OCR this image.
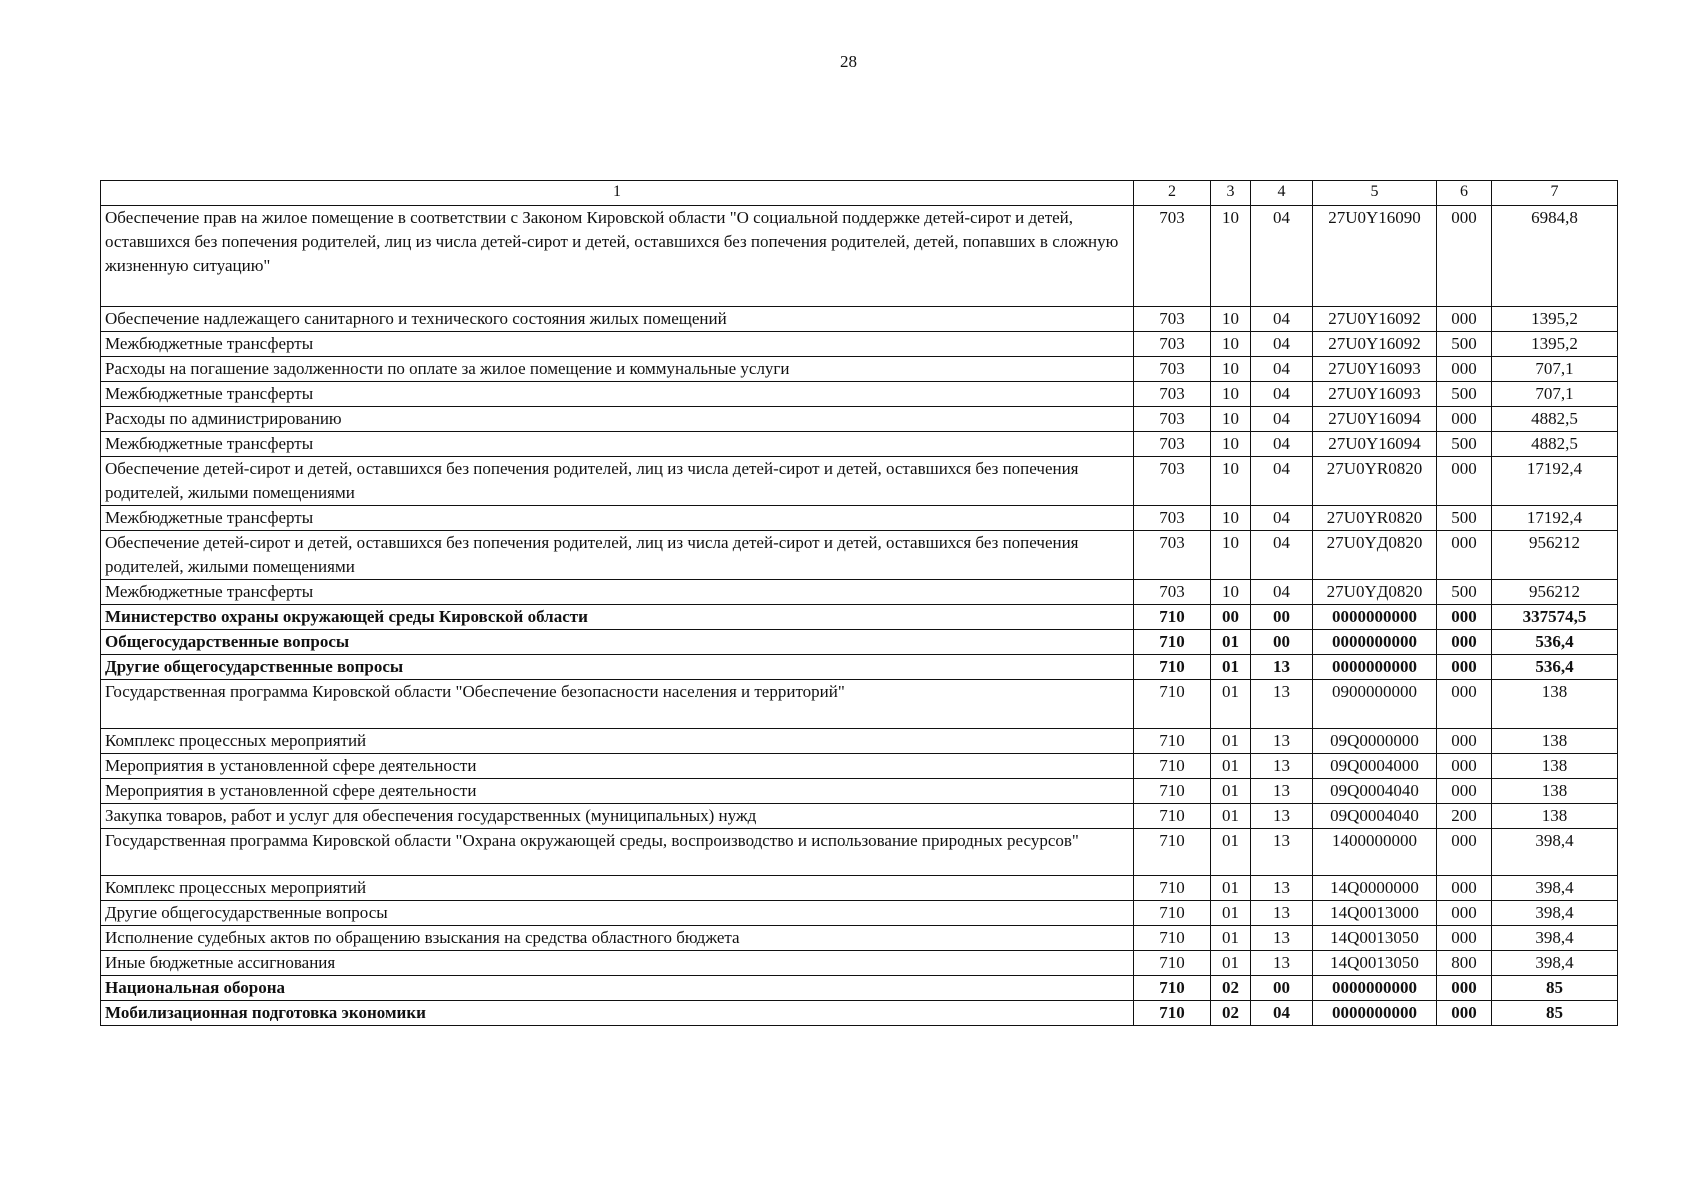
28
1	2	3	4	5	6	7
Обеспечение прав на жилое помещение в соответствии с Законом Кировской области "О социальной поддержке детей-сирот и детей, оставшихся без попечения родителей, лиц из числа детей-сирот и детей, оставшихся без попечения родителей, детей, попавших в сложную жизненную ситуацию"	703	10	04	27U0Y16090	000	6984,8
Обеспечение надлежащего санитарного и технического состояния жилых помещений	703	10	04	27U0Y16092	000	1395,2
Межбюджетные трансферты	703	10	04	27U0Y16092	500	1395,2
Расходы на погашение задолженности по оплате за жилое помещение и коммунальные услуги	703	10	04	27U0Y16093	000	707,1
Межбюджетные трансферты	703	10	04	27U0Y16093	500	707,1
Расходы по администрированию	703	10	04	27U0Y16094	000	4882,5
Межбюджетные трансферты	703	10	04	27U0Y16094	500	4882,5
Обеспечение детей-сирот и детей, оставшихся без попечения родителей, лиц из числа детей-сирот и детей, оставшихся без попечения родителей, жилыми помещениями	703	10	04	27U0YR0820	000	17192,4
Межбюджетные трансферты	703	10	04	27U0YR0820	500	17192,4
Обеспечение детей-сирот и детей, оставшихся без попечения родителей, лиц из числа детей-сирот и детей, оставшихся без попечения родителей, жилыми помещениями	703	10	04	27U0YД0820	000	956212
Межбюджетные трансферты	703	10	04	27U0YД0820	500	956212
Министерство охраны окружающей среды Кировской области	710	00	00	0000000000	000	337574,5
Общегосударственные вопросы	710	01	00	0000000000	000	536,4
Другие общегосударственные вопросы	710	01	13	0000000000	000	536,4
Государственная программа Кировской области "Обеспечение безопасности населения и территорий"	710	01	13	0900000000	000	138
Комплекс процессных мероприятий	710	01	13	09Q0000000	000	138
Мероприятия в установленной сфере деятельности	710	01	13	09Q0004000	000	138
Мероприятия в установленной сфере деятельности	710	01	13	09Q0004040	000	138
Закупка товаров, работ и услуг для обеспечения государственных (муниципальных) нужд	710	01	13	09Q0004040	200	138
Государственная программа Кировской области "Охрана окружающей среды, воспроизводство и использование природных ресурсов"	710	01	13	1400000000	000	398,4
Комплекс процессных мероприятий	710	01	13	14Q0000000	000	398,4
Другие общегосударственные вопросы	710	01	13	14Q0013000	000	398,4
Исполнение судебных актов по обращению взыскания на средства областного бюджета	710	01	13	14Q0013050	000	398,4
Иные бюджетные ассигнования	710	01	13	14Q0013050	800	398,4
Национальная оборона	710	02	00	0000000000	000	85
Мобилизационная подготовка экономики	710	02	04	0000000000	000	85
